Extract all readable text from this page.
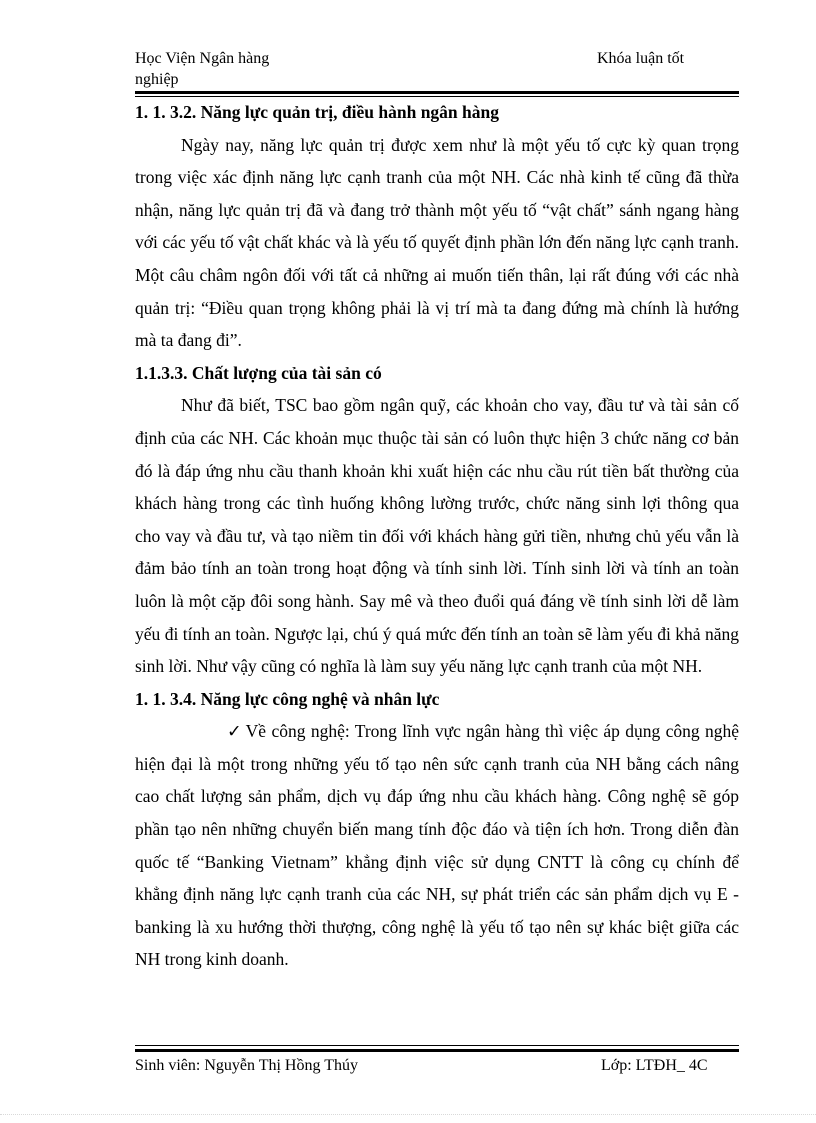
Học Viện Ngân hàng
nghiệp
Khóa luận tốt

1. 1. 3.2. Năng lực quản trị, điều hành ngân hàng

Ngày nay, năng lực quản trị được xem như là một yếu tố cực kỳ quan trọng trong việc xác định năng lực cạnh tranh của một NH. Các nhà kinh tế cũng đã thừa nhận, năng lực quản trị đã và đang trở thành một yếu tố “vật chất” sánh ngang hàng với các yếu tố vật chất khác và là yếu tố quyết định phần lớn đến năng lực cạnh tranh. Một câu châm ngôn đối với tất cả những ai muốn tiến thân, lại rất đúng với các nhà quản trị: “Điều quan trọng không phải là vị trí mà ta đang đứng mà chính là hướng mà ta đang đi”.

1.1.3.3. Chất lượng của tài sản có

Như đã biết, TSC bao gồm ngân quỹ, các khoản cho vay, đầu tư và tài sản cố định của các NH. Các khoản mục thuộc tài sản có luôn thực hiện 3 chức năng cơ bản đó là đáp ứng nhu cầu thanh khoản khi xuất hiện các nhu cầu rút tiền bất thường của khách hàng trong các tình huống không lường trước, chức năng sinh lợi thông qua cho vay và đầu tư, và tạo niềm tin đối với khách hàng gửi tiền, nhưng chủ yếu vẫn là đảm bảo tính an toàn trong hoạt động và tính sinh lời. Tính sinh lời và tính an toàn luôn là một cặp đôi song hành. Say mê và theo đuổi quá đáng về tính sinh lời dễ làm yếu đi tính an toàn. Ngược lại, chú ý quá mức đến tính an toàn sẽ làm yếu đi khả năng sinh lời. Như vậy cũng có nghĩa là làm suy yếu năng lực cạnh tranh của một NH.

1. 1. 3.4. Năng lực công nghệ và nhân lực

✓ Về công nghệ: Trong lĩnh vực ngân hàng thì việc áp dụng công nghệ hiện đại là một trong những yếu tố tạo nên sức cạnh tranh của NH bằng cách nâng cao chất lượng sản phẩm, dịch vụ đáp ứng nhu cầu khách hàng. Công nghệ sẽ góp phần tạo nên những chuyển biến mang tính độc đáo và tiện ích hơn. Trong diễn đàn quốc tế “Banking Vietnam” khẳng định việc sử dụng CNTT là công cụ chính để khẳng định năng lực cạnh tranh của các NH, sự phát triển các sản phẩm dịch vụ E - banking là xu hướng thời thượng, công nghệ là yếu tố tạo nên sự khác biệt giữa các NH trong kinh doanh.

Sinh viên: Nguyễn Thị Hồng Thúy	Lớp: LTĐH_ 4C
